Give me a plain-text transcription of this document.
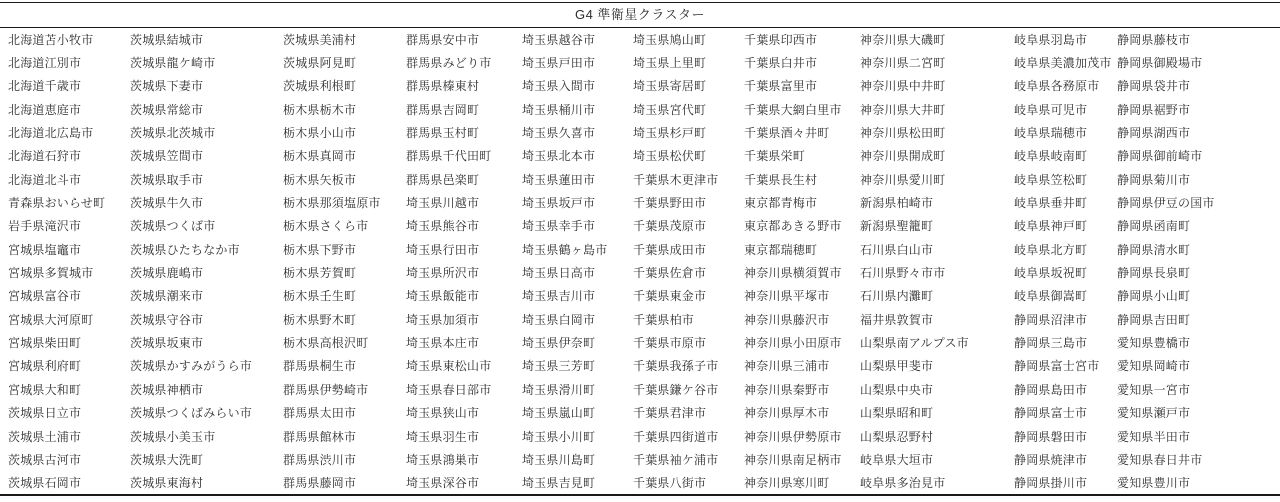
G4 準衛星クラスター
北海道苫小牧市	茨城県結城市	茨城県美浦村	群馬県安中市	埼玉県越谷市	埼玉県鳩山町	千葉県印西市	神奈川県大磯町	岐阜県羽島市	静岡県藤枝市
北海道江別市	茨城県龍ケ崎市	茨城県阿見町	群馬県みどり市	埼玉県戸田市	埼玉県上里町	千葉県白井市	神奈川県二宮町	岐阜県美濃加茂市 静岡県御殿場市
北海道千歳市	茨城県下妻市	茨城県利根町	群馬県榛東村	埼玉県入間市	埼玉県寄居町	千葉県富里市	神奈川県中井町	岐阜県各務原市	静岡県袋井市
北海道恵庭市	茨城県常総市	栃木県栃木市	群馬県吉岡町	埼玉県桶川市	埼玉県宮代町	千葉県大網白里市	神奈川県大井町	岐阜県可児市	静岡県裾野市
北海道北広島市	茨城県北茨城市	栃木県小山市	群馬県玉村町	埼玉県久喜市	埼玉県杉戸町	千葉県酒々井町	神奈川県松田町	岐阜県瑞穂市	静岡県湖西市
北海道石狩市	茨城県笠間市	栃木県真岡市	群馬県千代田町	埼玉県北本市	埼玉県松伏町	千葉県栄町	神奈川県開成町	岐阜県岐南町	静岡県御前崎市
北海道北斗市	茨城県取手市	栃木県矢板市	群馬県邑楽町	埼玉県蓮田市	千葉県木更津市	千葉県長生村	神奈川県愛川町	岐阜県笠松町	静岡県菊川市
青森県おいらせ町	茨城県牛久市	栃木県那須塩原市	埼玉県川越市	埼玉県坂戸市	千葉県野田市	東京都青梅市	新潟県柏崎市	岐阜県垂井町	静岡県伊豆の国市
岩手県滝沢市	茨城県つくば市	栃木県さくら市	埼玉県熊谷市	埼玉県幸手市	千葉県茂原市	東京都あきる野市	新潟県聖籠町	岐阜県神戸町	静岡県函南町
宮城県塩竈市	茨城県ひたちなか市	栃木県下野市	埼玉県行田市	埼玉県鶴ヶ島市	千葉県成田市	東京都瑞穂町	石川県白山市	岐阜県北方町	静岡県清水町
宮城県多賀城市	茨城県鹿嶋市	栃木県芳賀町	埼玉県所沢市	埼玉県日高市	千葉県佐倉市	神奈川県横須賀市	石川県野々市市	岐阜県坂祝町	静岡県長泉町
宮城県富谷市	茨城県潮来市	栃木県壬生町	埼玉県飯能市	埼玉県吉川市	千葉県東金市	神奈川県平塚市	石川県内灘町	岐阜県御嵩町	静岡県小山町
宮城県大河原町	茨城県守谷市	栃木県野木町	埼玉県加須市	埼玉県白岡市	千葉県柏市	神奈川県藤沢市	福井県敦賀市	静岡県沼津市	静岡県吉田町
宮城県柴田町	茨城県坂東市	栃木県高根沢町	埼玉県本庄市	埼玉県伊奈町	千葉県市原市	神奈川県小田原市	山梨県南アルプス市	静岡県三島市	愛知県豊橋市
宮城県利府町	茨城県かすみがうら市	群馬県桐生市	埼玉県東松山市	埼玉県三芳町	千葉県我孫子市	神奈川県三浦市	山梨県甲斐市	静岡県富士宮市	愛知県岡崎市
宮城県大和町	茨城県神栖市	群馬県伊勢崎市	埼玉県春日部市	埼玉県滑川町	千葉県鎌ケ谷市	神奈川県秦野市	山梨県中央市	静岡県島田市	愛知県一宮市
茨城県日立市	茨城県つくばみらい市	群馬県太田市	埼玉県狭山市	埼玉県嵐山町	千葉県君津市	神奈川県厚木市	山梨県昭和町	静岡県富士市	愛知県瀬戸市
茨城県土浦市	茨城県小美玉市	群馬県館林市	埼玉県羽生市	埼玉県小川町	千葉県四街道市	神奈川県伊勢原市	山梨県忍野村	静岡県磐田市	愛知県半田市
茨城県古河市	茨城県大洗町	群馬県渋川市	埼玉県鴻巣市	埼玉県川島町	千葉県袖ケ浦市	神奈川県南足柄市	岐阜県大垣市	静岡県焼津市	愛知県春日井市
茨城県石岡市	茨城県東海村	群馬県藤岡市	埼玉県深谷市	埼玉県吉見町	千葉県八街市	神奈川県寒川町	岐阜県多治見市	静岡県掛川市	愛知県豊川市
